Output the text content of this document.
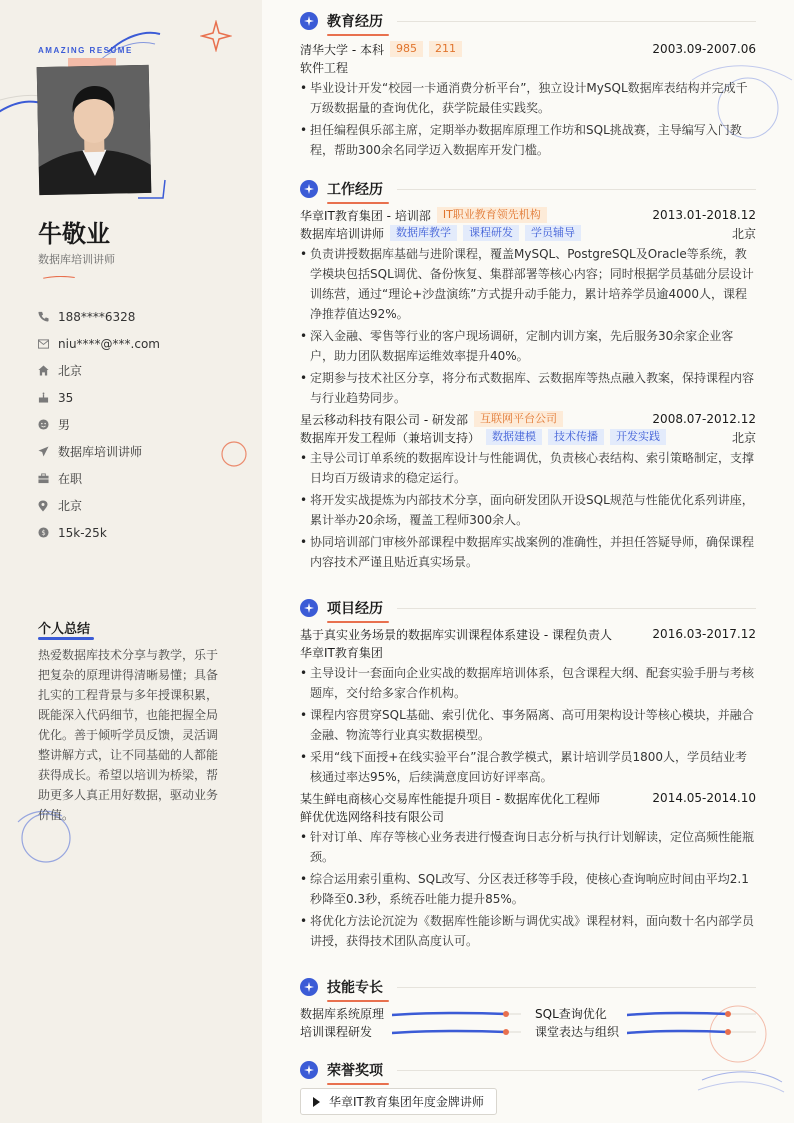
AMAZING RESUME
牛敬业
数据库培训讲师
188****6328
niu****@***.com
北京
35
男
数据库培训讲师
在职
北京
$ 15k-25k
个人总结
热爱数据库技术分享与教学，乐于把复杂的原理讲得清晰易懂；具备扎实的工程背景与多年授课积累，既能深入代码细节，也能把握全局优化。善于倾听学员反馈，灵活调整讲解方式，让不同基础的人都能获得成长。希望以培训为桥梁，帮助更多人真正用好数据，驱动业务价值。
教育经历
清华大学 - 本科	985	211	2003.09-2007.06
软件工程
• 毕业设计开发“校园一卡通消费分析平台”，独立设计MySQL数据库表结构并完成千万级数据量的查询优化，获学院最佳实践奖。
• 担任编程俱乐部主席，定期举办数据库原理工作坊和SQL挑战赛，主导编写入门教程，帮助300余名同学迈入数据库开发门槛。
工作经历
华章IT教育集团 - 培训部	IT职业教育领先机构	2013.01-2018.12
数据库培训讲师	数据库教学	课程研发	学员辅导	北京
• 负责讲授数据库基础与进阶课程，覆盖MySQL、PostgreSQL及Oracle等系统，教学模块包括SQL调优、备份恢复、集群部署等核心内容；同时根据学员基础分层设计训练营，通过“理论+沙盘演练”方式提升动手能力，累计培养学员逾4000人，课程净推荐值达92%。
• 深入金融、零售等行业的客户现场调研，定制内训方案，先后服务30余家企业客户，助力团队数据库运维效率提升40%。
• 定期参与技术社区分享，将分布式数据库、云数据库等热点融入教案，保持课程内容与行业趋势同步。
星云移动科技有限公司 - 研发部	互联网平台公司	2008.07-2012.12
数据库开发工程师（兼培训支持）	数据建模	技术传播	开发实践	北京
• 主导公司订单系统的数据库设计与性能调优，负责核心表结构、索引策略制定，支撑日均百万级请求的稳定运行。
• 将开发实战提炼为内部技术分享，面向研发团队开设SQL规范与性能优化系列讲座，累计举办20余场，覆盖工程师300余人。
• 协同培训部门审核外部课程中数据库实战案例的准确性，并担任答疑导师，确保课程内容技术严谨且贴近真实场景。
项目经历
基于真实业务场景的数据库实训课程体系建设 - 课程负责人	2016.03-2017.12
华章IT教育集团
• 主导设计一套面向企业实战的数据库培训体系，包含课程大纲、配套实验手册与考核题库，交付给多家合作机构。
• 课程内容贯穿SQL基础、索引优化、事务隔离、高可用架构设计等核心模块，并融合金融、物流等行业真实数据模型。
• 采用“线下面授+在线实验平台”混合教学模式，累计培训学员1800人，学员结业考核通过率达95%，后续满意度回访好评率高。
某生鲜电商核心交易库性能提升项目 - 数据库优化工程师	2014.05-2014.10
鲜优优选网络科技有限公司
• 针对订单、库存等核心业务表进行慢查询日志分析与执行计划解读，定位高频性能瓶颈。
• 综合运用索引重构、SQL改写、分区表迁移等手段，使核心查询响应时间由平均2.1秒降至0.3秒，系统吞吐能力提升85%。
• 将优化方法论沉淀为《数据库性能诊断与调优实战》课程材料，面向数十名内部学员讲授，获得技术团队高度认可。
技能专长
数据库系统原理	SQL查询优化
培训课程研发	课堂表达与组织
荣誉奖项
华章IT教育集团年度金牌讲师
